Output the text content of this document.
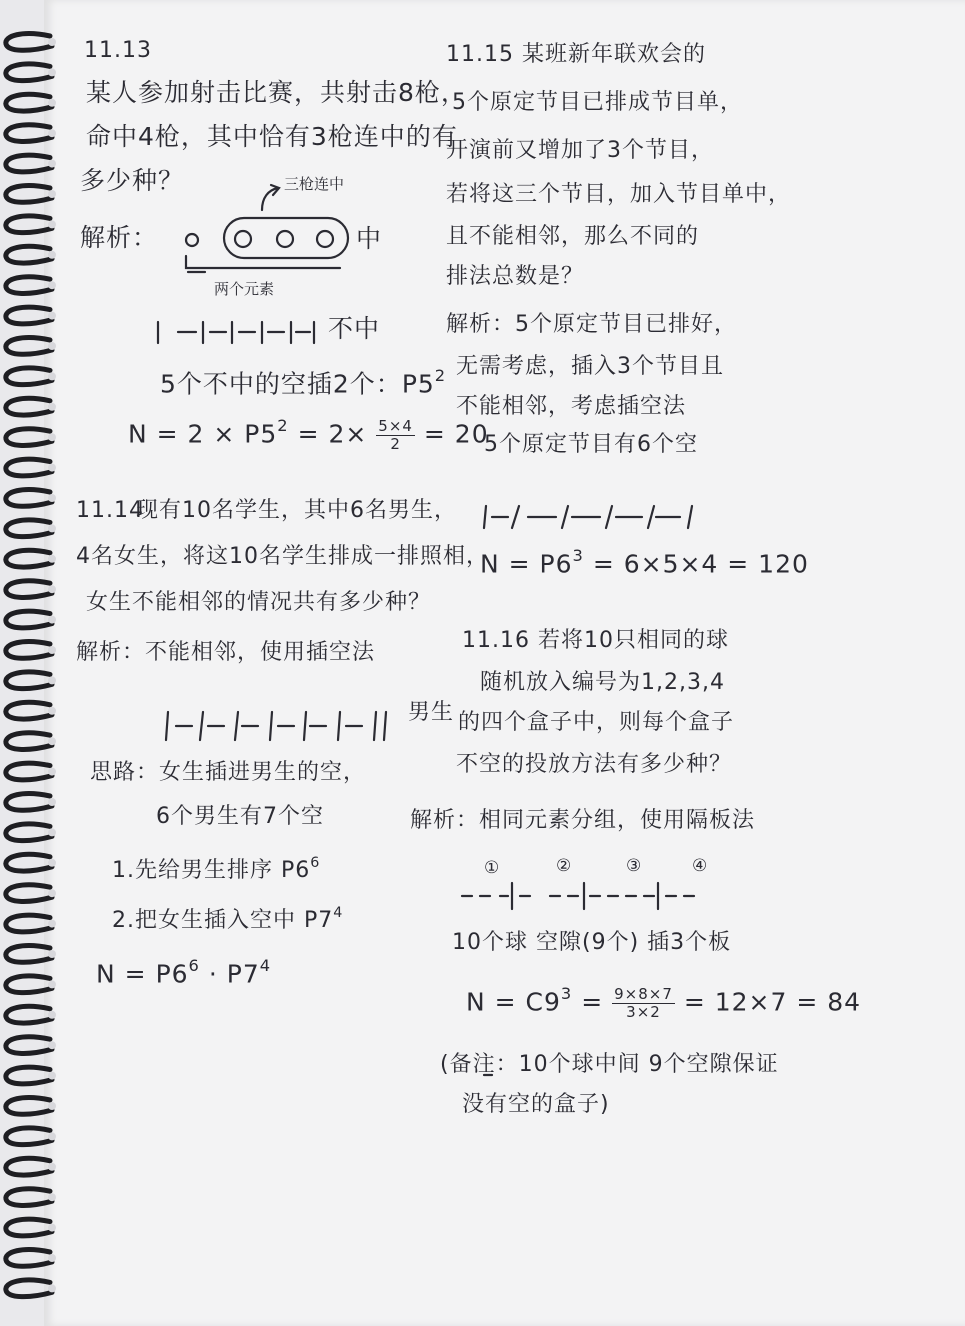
11.13
某人参加射击比赛，共射击8枪，
命中4枪，其中恰有3枪连中的有
多少种？
解析：
三枪连中
中
两个元素
不中
5个不中的空插2个：$P5^2$
$N = 2 \times P5^2 = 2\times \frac{5\times 4}{2} = 20$
11.14
现有10名学生，其中6名男生，
4名女生，将这10名学生排成一排照相，
女生不能相邻的情况共有多少种？
解析：不能相邻，使用插空法
男生
思路：女生插进男生的空，
6个男生有7个空
1.先给男生排序 $P6^6$
2.把女生插入空中 $P7^4$
$N = P6^6 \cdot P7^4$
11.15 某班新年联欢会的
5个原定节目已排成节目单，
开演前又增加了3个节目，
若将这三个节目，加入节目单中，
且不能相邻，那么不同的
排法总数是？
解析：5个原定节目已排好，
无需考虑，插入3个节目且
不能相邻，考虑插空法
5个原定节目有6个空
$N = P6^3 = 6\times 5\times 4 = 120$
11.16 若将10只相同的球
随机放入编号为1,2,3,4
的四个盒子中，则每个盒子
不空的投放方法有多少种？
解析：相同元素分组，使用隔板法
①	②	③	④
10个球 空隙(9个) 插3个板
$N = C9^3 = \frac{9\times 8\times 7}{3\times 2} = 12\times 7 = 84$
(备注：10个球中间 9个空隙保证
没有空的盒子)
